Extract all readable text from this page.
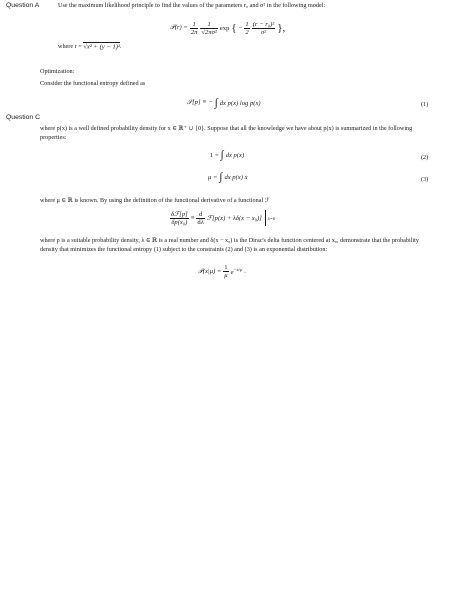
Question A	Use the maximum likelihood principle to find the values of the parameters r₀ and σ² in the following model:
𝒫(r) = $\frac{1}{2\pi} \frac{1}{\text{√2πσ²}}$ exp { − $\frac{1}{2} \frac{\text{(r − r₀)²}}{\text{σ²}}$ },
where r = √x² + (y − 1)².
Optimization:
Consider the functional entropy defined as
𝒮[p] ≡ − ∫ dx p(x) log p(x)	(1)
Question C
where p(x) is a well defined probability density for x ∈ ℝ⁺ ∪ {0}. Suppose that all the knowledge we have about p(x) is summarized in the following properties:
1 = ∫ dx p(x)	(2)
μ = ∫ dx p(x) x	(3)
where μ ∈ ℝ is known. By using the definition of the functional derivative of a functional ℱ
$\frac{\text{δℱ[p]}}{\text{δp(x₀)}} \equiv \frac{d}{d\lambda}$ ℱ[p(x) + λδ(x − x₀)] λ=0
where p is a suitable probability density, λ ∈ ℝ is a real number and δ(x − x₀) is the Dirac's delta function centered at x₀, demonstrate that the probability density that minimizes the functional entropy (1) subject to the constraints (2) and (3) is an exponential distribution:
𝒫(x|μ) = $\frac{1}{\mu} e^{-x/\mu}$ .
